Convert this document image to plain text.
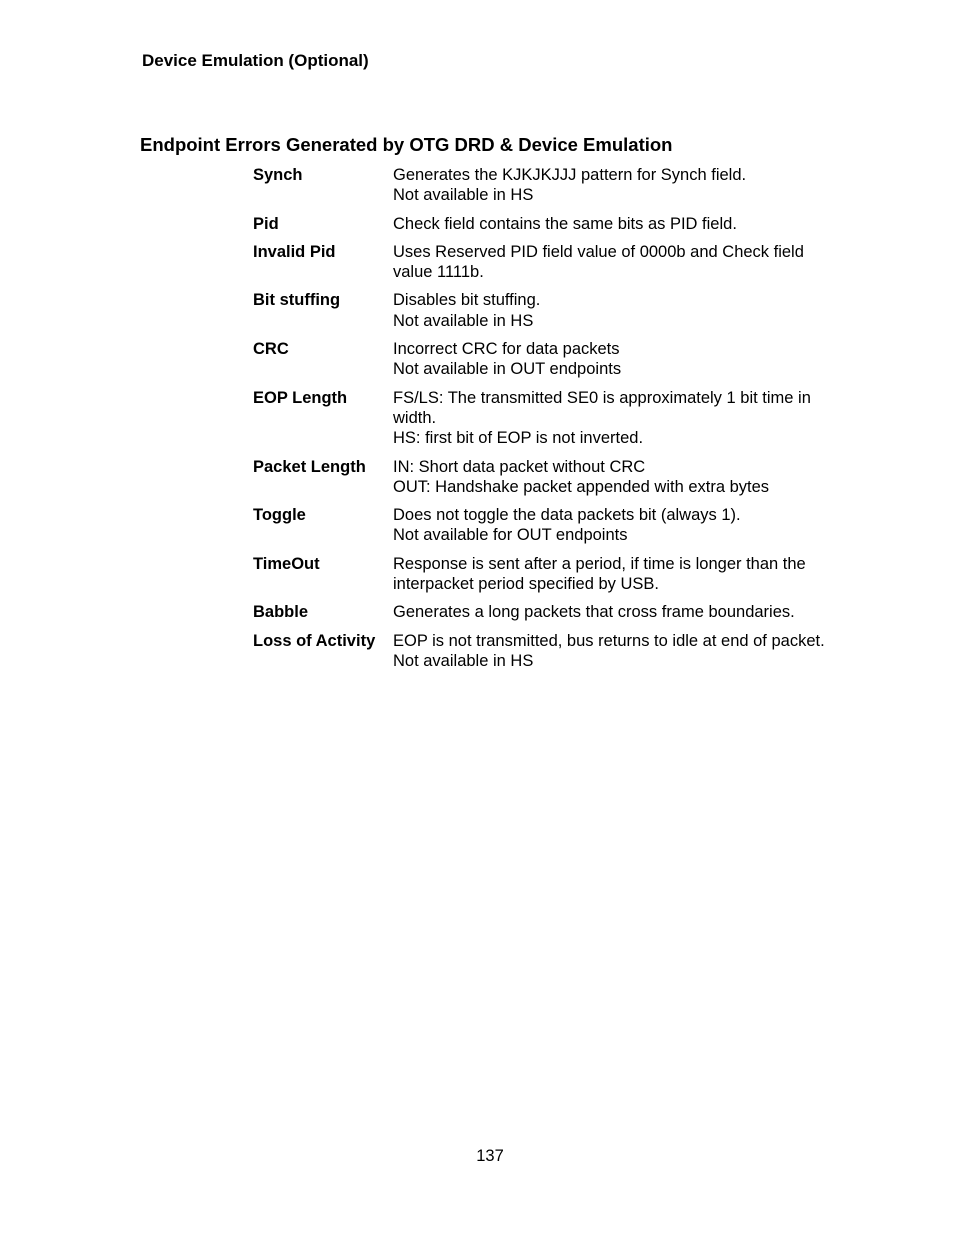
Device Emulation (Optional)
Endpoint Errors Generated by OTG DRD & Device Emulation
Synch	Generates the KJKJKJJJ pattern for Synch field.
Not available in HS
Pid	Check field contains the same bits as PID field.
Invalid Pid	Uses Reserved PID field value of 0000b and Check field
value 1111b.
Bit stuffing	Disables bit stuffing.
Not available in HS
CRC	Incorrect CRC for data packets
Not available in OUT endpoints
EOP Length	FS/LS: The transmitted SE0 is approximately 1 bit time in
width.
HS: first bit of EOP is not inverted.
Packet Length	IN: Short data packet without CRC
OUT: Handshake packet appended with extra bytes
Toggle	Does not toggle the data packets bit (always 1).
Not available for OUT endpoints
TimeOut	Response is sent after a period, if time is longer than the
interpacket period specified by USB.
Babble	Generates a long packets that cross frame boundaries.
Loss of Activity	EOP is not transmitted, bus returns to idle at end of packet.
Not available in HS
137
